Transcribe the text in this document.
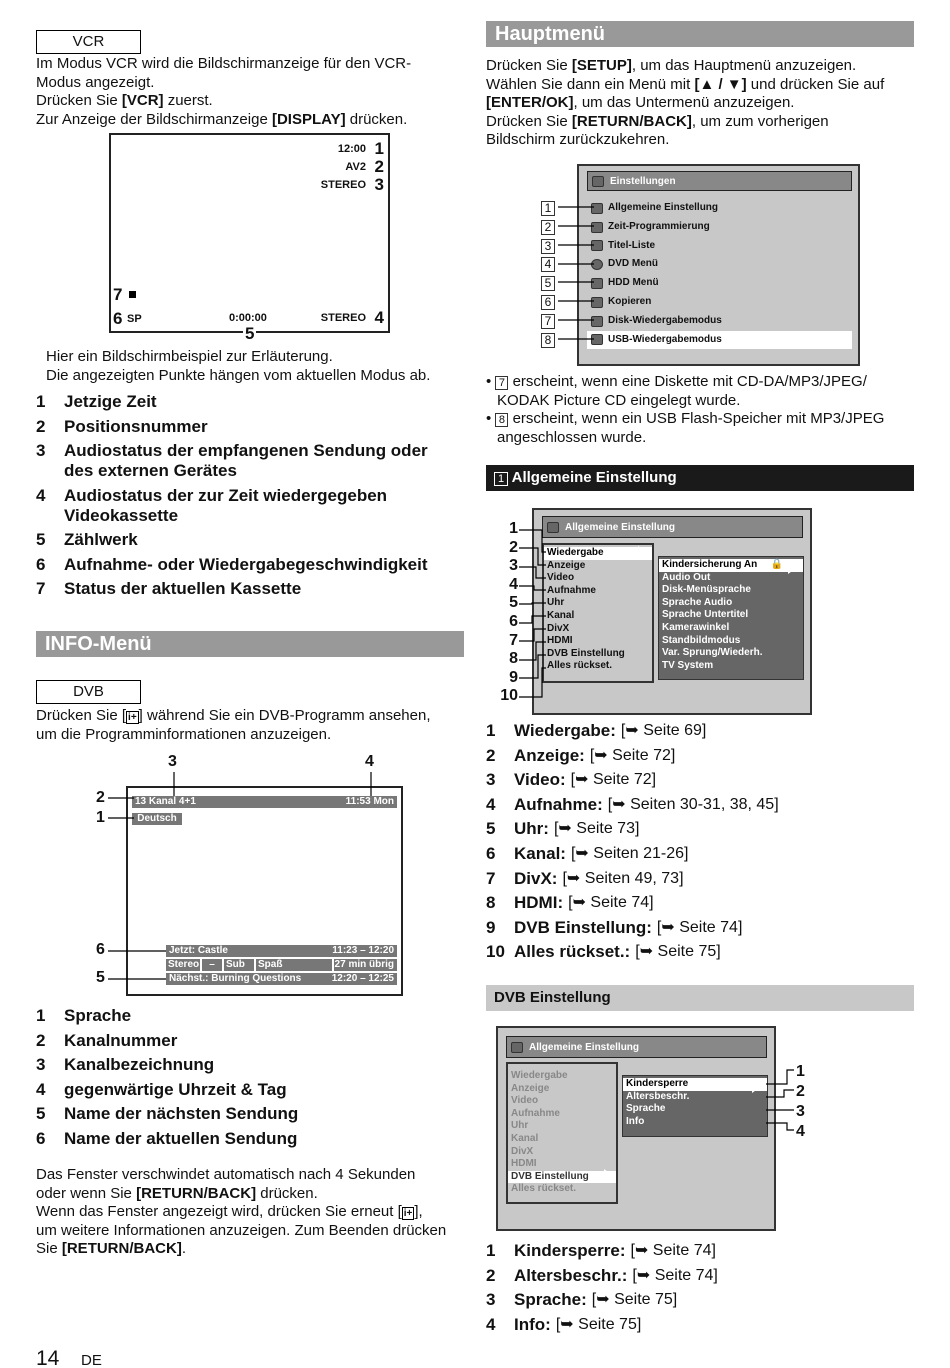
VCR

Im Modus VCR wird die Bildschirmanzeige für den VCR-
Modus angezeigt.
Drücken Sie [VCR] zuerst.
Zur Anzeige der Bildschirmanzeige [DISPLAY] drücken.

12:00 1
AV2 2
STEREO 3
7
6 SP	0:00:00	STEREO 4
5

Hier ein Bildschirmbeispiel zur Erläuterung.
Die angezeigten Punkte hängen vom aktuellen Modus ab.

1	Jetzige Zeit
2	Positionsnummer
3	Audiostatus der empfangenen Sendung oder des externen Gerätes
4	Audiostatus der zur Zeit wiedergegeben Videokassette
5	Zählwerk
6	Aufnahme- oder Wiedergabegeschwindigkeit
7	Status der aktuellen Kassette
INFO-Menü
DVB

Drücken Sie [ i+ ] während Sie ein DVB-Programm ansehen,
um die Programminformationen anzuzeigen.

3	4
2
1
6
5
13 Kanal 4+1	11:53 Mon
Deutsch
Jetzt: Castle	11:23 – 12:20
Stereo	–	Sub	Spaß	27 min übrig
Nächst.: Burning Questions	12:20 – 12:25
1	Sprache
2	Kanalnummer
3	Kanalbezeichnung
4	gegenwärtige Uhrzeit & Tag
5	Name der nächsten Sendung
6	Name der aktuellen Sendung

Das Fenster verschwindet automatisch nach 4 Sekunden
oder wenn Sie [RETURN/BACK] drücken.
Wenn das Fenster angezeigt wird, drücken Sie erneut [ i+ ],
um weitere Informationen anzuzeigen. Zum Beenden drücken
Sie [RETURN/BACK].

14 DE
Hauptmenü

Drücken Sie [SETUP], um das Hauptmenü anzuzeigen.
Wählen Sie dann ein Menü mit [▲ / ▼] und drücken Sie auf
[ENTER/OK], um das Untermenü anzuzeigen.
Drücken Sie [RETURN/BACK], um zum vorherigen
Bildschirm zurückzukehren.

Einstellungen
Allgemeine Einstellung
Zeit-Programmierung
Titel-Liste
DVD Menü
HDD Menü
Kopieren
Disk-Wiedergabemodus
USB-Wiedergabemodus
1
2
3
4
5
6
7
8

• 7 erscheint, wenn eine Diskette mit CD-DA/MP3/JPEG/
KODAK Picture CD eingelegt wurde.
• 8 erscheint, wenn ein USB Flash-Speicher mit MP3/JPEG
angeschlossen wurde.

1 Allgemeine Einstellung
Allgemeine Einstellung
Wiedergabe
Anzeige
Video
Aufnahme
Uhr
Kanal
DivX
HDMI
DVB Einstellung
Alles rückset.
Kindersicherung An 🔒
Audio Out
Disk-Menüsprache
Sprache Audio
Sprache Untertitel
Kamerawinkel
Standbildmodus
Var. Sprung/Wiederh.
TV System
1
2
3
4
5
6
7
8
9
10
1	Wiedergabe: [➥ Seite 69]
2	Anzeige: [➥ Seite 72]
3	Video: [➥ Seite 72]
4	Aufnahme: [➥ Seiten 30-31, 38, 45]
5	Uhr: [➥ Seite 73]
6	Kanal: [➥ Seiten 21-26]
7	DivX: [➥ Seiten 49, 73]
8	HDMI: [➥ Seite 74]
9	DVB Einstellung: [➥ Seite 74]
10 Alles rückset.: [➥ Seite 75]
DVB Einstellung
Allgemeine Einstellung
Wiedergabe
Anzeige
Video
Aufnahme
Uhr
Kanal
DivX
HDMI
DVB Einstellung
Alles rückset.
Kindersperre
Altersbeschr.
Sprache
Info
1
2
3
4
1	Kindersperre: [➥ Seite 74]
2	Altersbeschr.: [➥ Seite 74]
3	Sprache: [➥ Seite 75]
4	Info: [➥ Seite 75]
